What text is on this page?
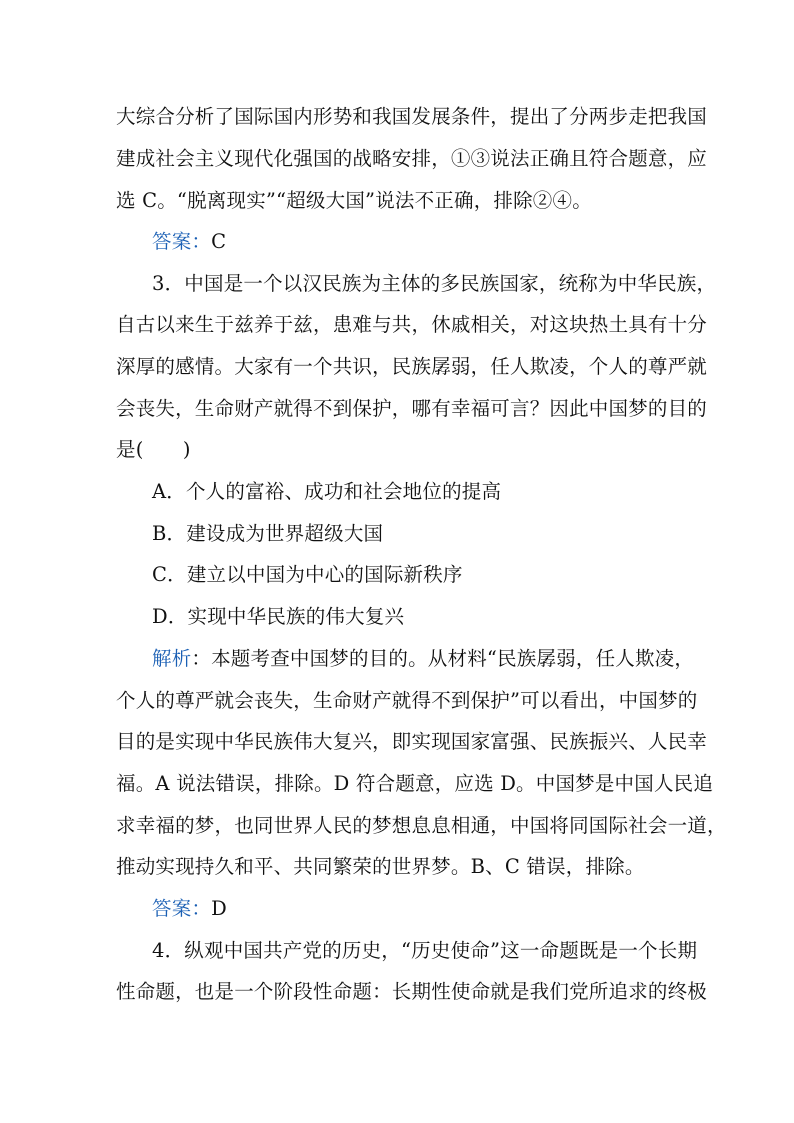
大综合分析了国际国内形势和我国发展条件，提出了分两步走把我国
建成社会主义现代化强国的战略安排，①③说法正确且符合题意，应
选 C。“脱离现实”“超级大国”说法不正确，排除②④。
答案：C
3．中国是一个以汉民族为主体的多民族国家，统称为中华民族，
自古以来生于兹养于兹，患难与共，休戚相关，对这块热土具有十分
深厚的感情。大家有一个共识，民族孱弱，任人欺凌，个人的尊严就
会丧失，生命财产就得不到保护，哪有幸福可言？因此中国梦的目的
是(　　)
A．个人的富裕、成功和社会地位的提高
B．建设成为世界超级大国
C．建立以中国为中心的国际新秩序
D．实现中华民族的伟大复兴
解析：本题考查中国梦的目的。从材料“民族孱弱，任人欺凌，
个人的尊严就会丧失，生命财产就得不到保护”可以看出，中国梦的
目的是实现中华民族伟大复兴，即实现国家富强、民族振兴、人民幸
福。A 说法错误，排除。D 符合题意，应选 D。中国梦是中国人民追
求幸福的梦，也同世界人民的梦想息息相通，中国将同国际社会一道，
推动实现持久和平、共同繁荣的世界梦。B、C 错误，排除。
答案：D
4．纵观中国共产党的历史，“历史使命”这一命题既是一个长期
性命题，也是一个阶段性命题：长期性使命就是我们党所追求的终极
